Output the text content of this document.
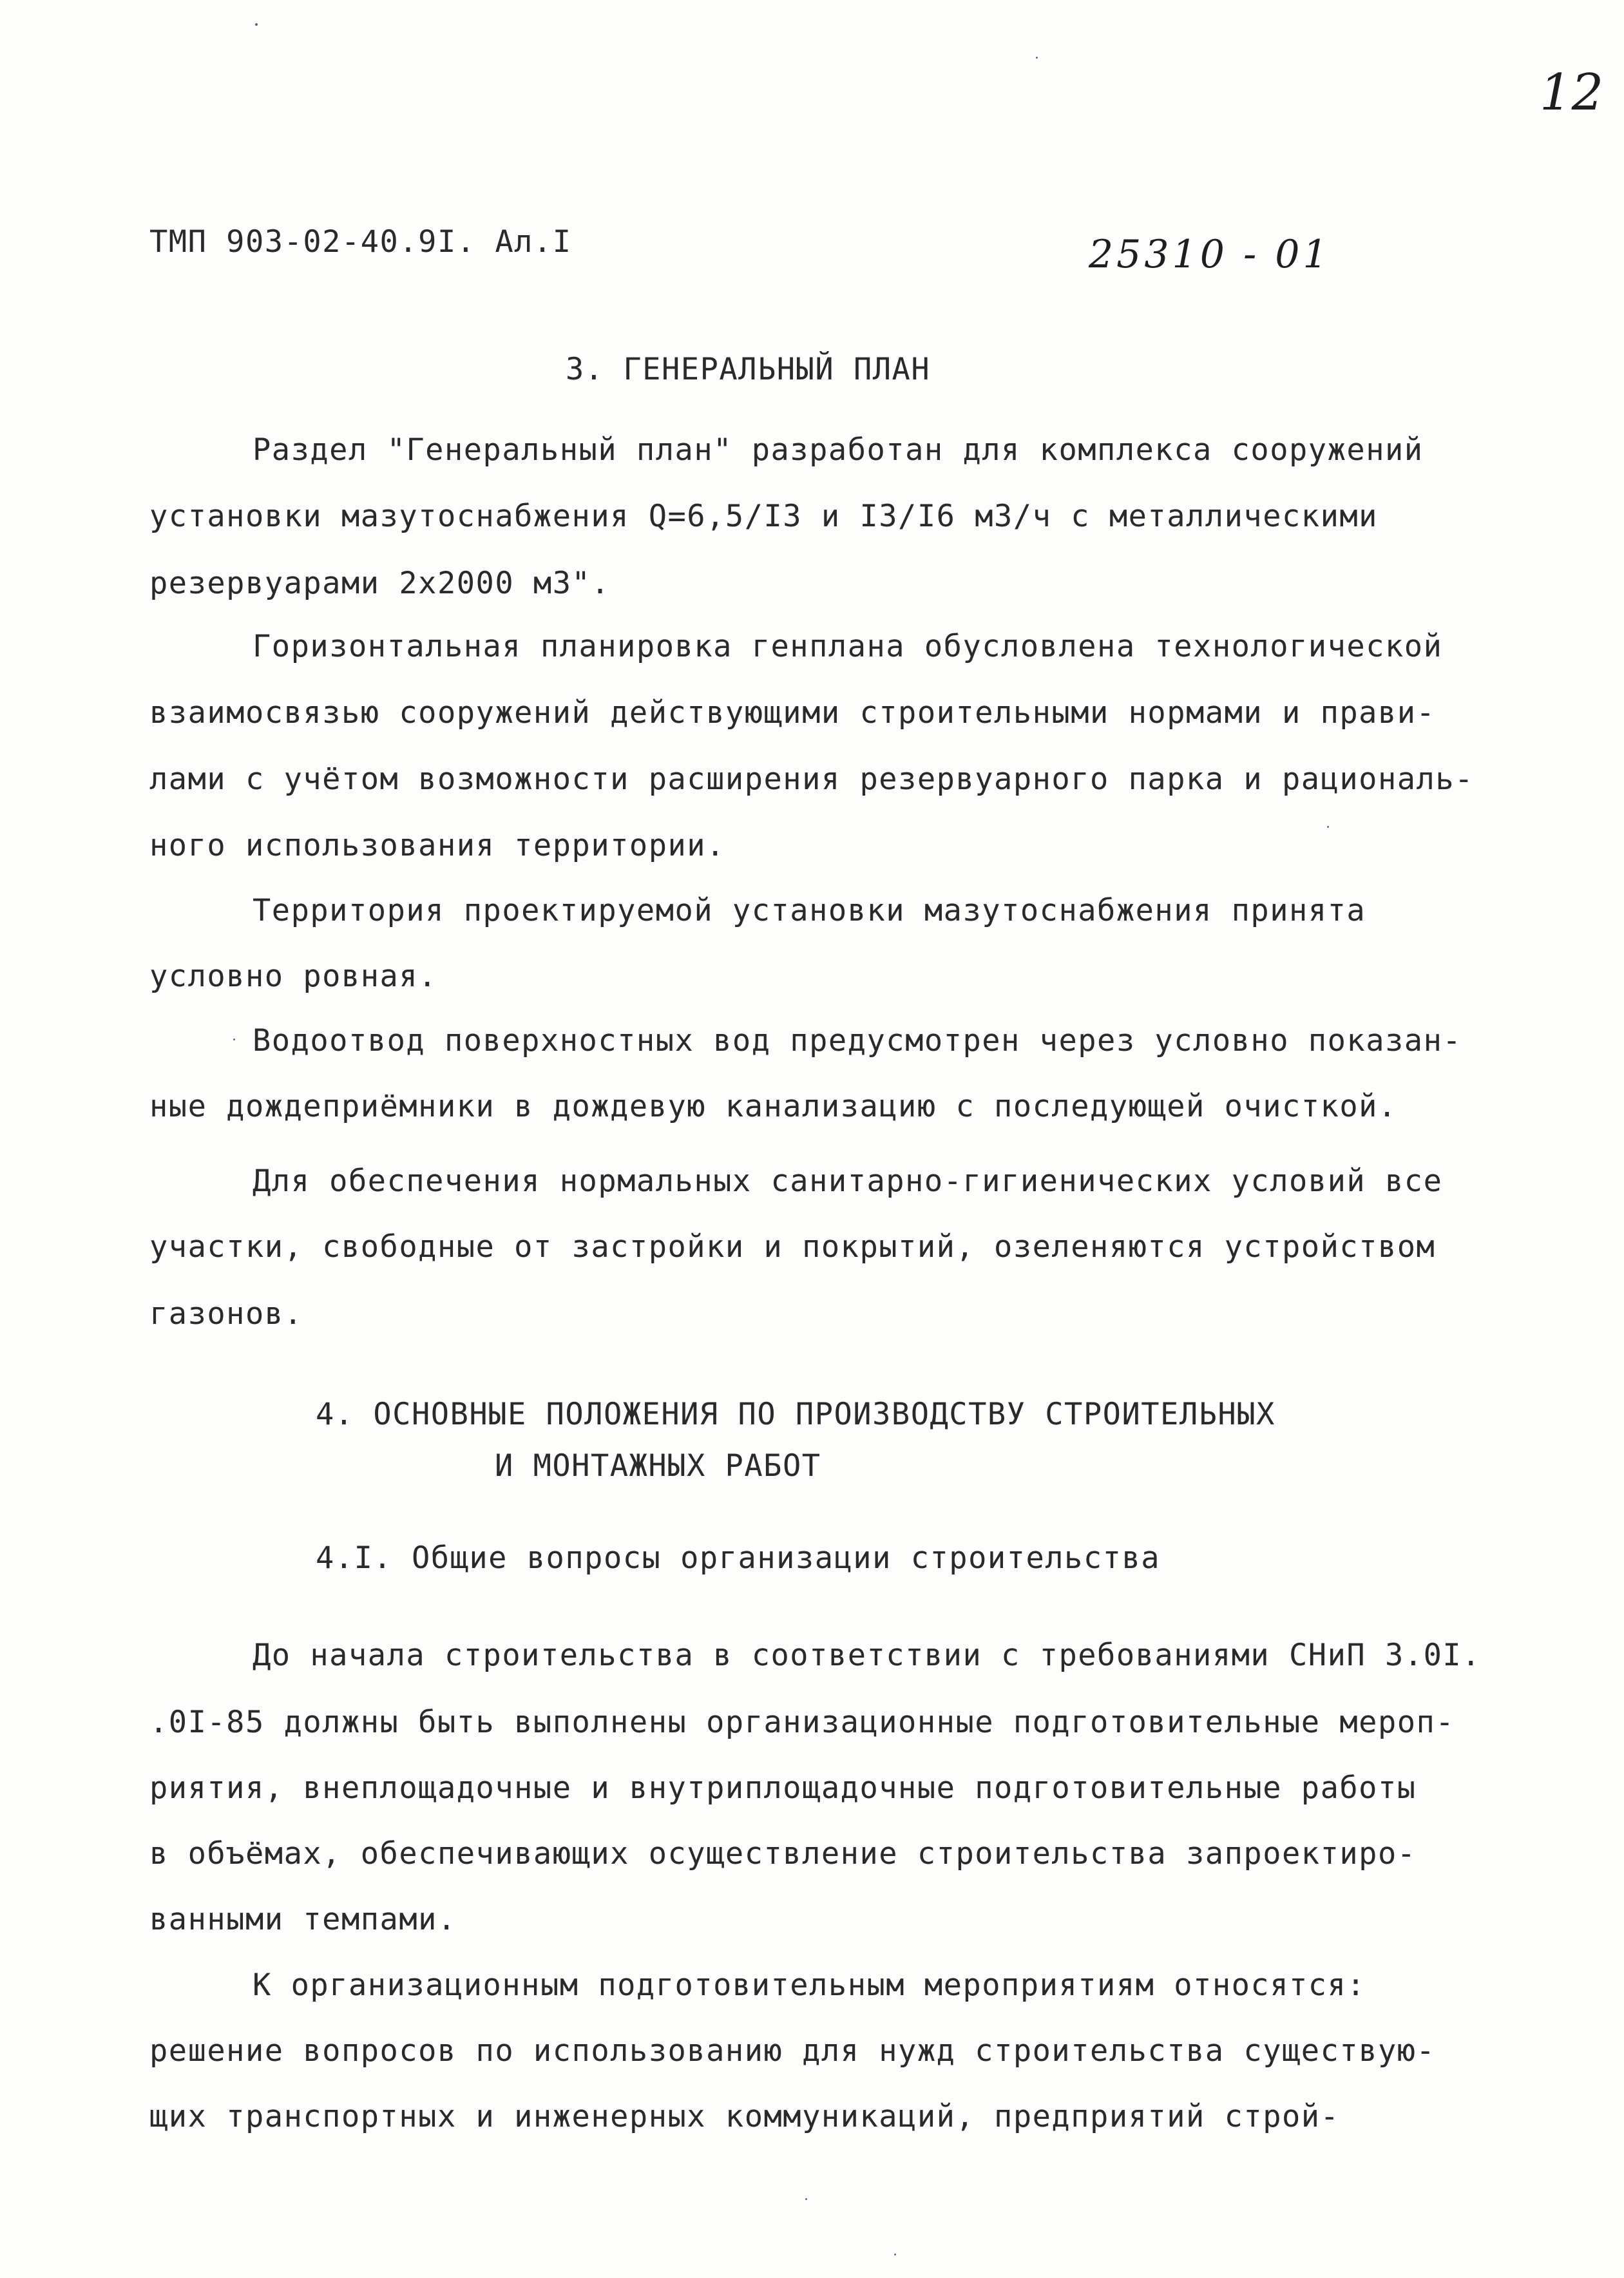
12
ТМП 903-02-40.9I. Ал.I	25310 - 01
3. ГЕНЕРАЛЬНЫЙ ПЛАН
Раздел "Генеральный план" разработан для комплекса сооружений
установки мазутоснабжения Q=6,5/I3 и I3/I6 м3/ч с металлическими
резервуарами 2х2000 м3".
Горизонтальная планировка генплана обусловлена технологической
взаимосвязью сооружений действующими строительными нормами и прави-
лами с учётом возможности расширения резервуарного парка и рациональ-
ного использования территории.
Территория проектируемой установки мазутоснабжения принята
условно ровная.
Водоотвод поверхностных вод предусмотрен через условно показан-
ные дождеприёмники в дождевую канализацию с последующей очисткой.
Для обеспечения нормальных санитарно-гигиенических условий все
участки, свободные от застройки и покрытий, озеленяются устройством
газонов.
4. ОСНОВНЫЕ ПОЛОЖЕНИЯ ПО ПРОИЗВОДСТВУ СТРОИТЕЛЬНЫХ
И МОНТАЖНЫХ РАБОТ
4.I. Общие вопросы организации строительства
До начала строительства в соответствии с требованиями СНиП 3.0I.
.0I-85 должны быть выполнены организационные подготовительные мероп-
риятия, внеплощадочные и внутриплощадочные подготовительные работы
в объёмах, обеспечивающих осуществление строительства запроектиро-
ванными темпами.
К организационным подготовительным мероприятиям относятся:
решение вопросов по использованию для нужд строительства существую-
щих транспортных и инженерных коммуникаций, предприятий строй-
